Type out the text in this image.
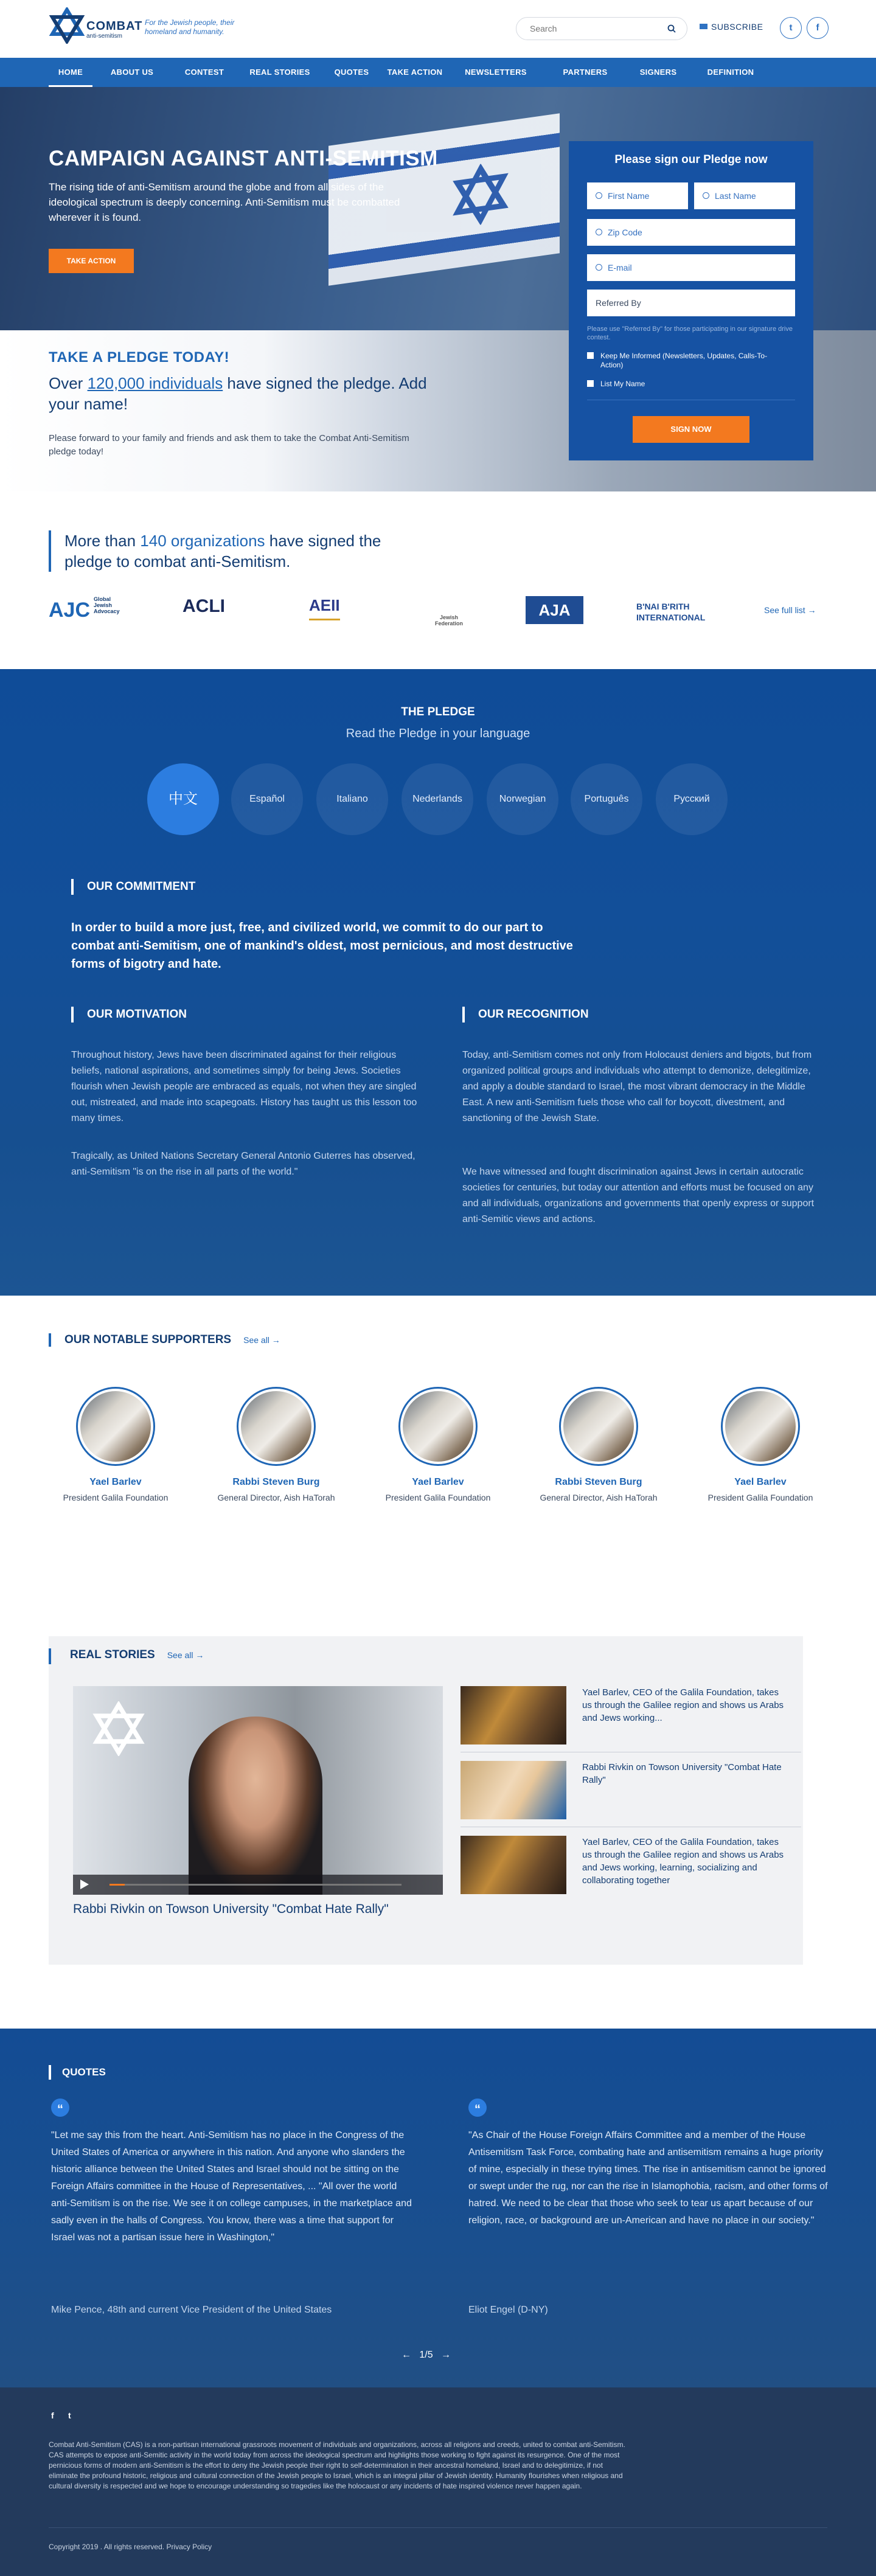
COMBAT
anti-semitism
For the Jewish people, their homeland and humanity.
Search	SUBSCRIBE	t	f
HOME	ABOUT US	CONTEST	REAL STORIES	QUOTES	TAKE ACTION	NEWSLETTERS	PARTNERS	SIGNERS	DEFINITION
CAMPAIGN AGAINST ANTI-SEMITISM

The rising tide of anti-Semitism around the globe and from all sides of the ideological spectrum is deeply concerning. Anti-Semitism must be combatted wherever it is found.

TAKE ACTION
TAKE A PLEDGE TODAY!
Over 120,000 individuals have signed the pledge. Add your name!

Please forward to your family and friends and ask them to take the Combat Anti-Semitism pledge today!

Please sign our Pledge now
First Name	Last Name
Zip Code
E-mail
Referred By
Please use "Referred By" for those participating in our signature drive contest.
Keep Me Informed (Newsletters, Updates, Calls-To-Action)
List My Name
SIGN NOW
More than 140 organizations have signed the pledge to combat anti-Semitism.
AJC Global Jewish Advocacy	ACLI	AEII
Jewish Federation
AJA	B'NAI B'RITH INTERNATIONAL
See full list →
THE PLEDGE
Read the Pledge in your language
中文	Español	Italiano	Nederlands	Norwegian	Português	Русский
OUR COMMITMENT
In order to build a more just, free, and civilized world, we commit to do our part to combat anti-Semitism, one of mankind's oldest, most pernicious, and most destructive forms of bigotry and hate.
OUR MOTIVATION

Throughout history, Jews have been discriminated against for their religious beliefs, national aspirations, and sometimes simply for being Jews. Societies flourish when Jewish people are embraced as equals, not when they are singled out, mistreated, and made into scapegoats. History has taught us this lesson too many times.

Tragically, as United Nations Secretary General Antonio Guterres has observed, anti-Semitism "is on the rise in all parts of the world."

OUR RECOGNITION

Today, anti-Semitism comes not only from Holocaust deniers and bigots, but from organized political groups and individuals who attempt to demonize, delegitimize, and apply a double standard to Israel, the most vibrant democracy in the Middle East. A new anti-Semitism fuels those who call for boycott, divestment, and sanctioning of the Jewish State.

We have witnessed and fought discrimination against Jews in certain autocratic societies for centuries, but today our attention and efforts must be focused on any and all individuals, organizations and governments that openly express or support anti-Semitic views and actions.

OUR NOTABLE SUPPORTERS See all →
Yael Barlev
President Galila Foundation
Rabbi Steven Burg
General Director, Aish HaTorah
Yael Barlev
President Galila Foundation
Rabbi Steven Burg
General Director, Aish HaTorah
Yael Barlev
President Galila Foundation
REAL STORIES See all →
Rabbi Rivkin on Towson University "Combat Hate Rally"
Yael Barlev, CEO of the Galila Foundation, takes us through the Galilee region and shows us Arabs and Jews working...
Rabbi Rivkin on Towson University "Combat Hate Rally"
Yael Barlev, CEO of the Galila Foundation, takes us through the Galilee region and shows us Arabs and Jews working, learning, socializing and collaborating together
QUOTES
“

"Let me say this from the heart. Anti-Semitism has no place in the Congress of the United States of America or anywhere in this nation. And anyone who slanders the historic alliance between the United States and Israel should not be sitting on the Foreign Affairs committee in the House of Representatives, ... "All over the world anti-Semitism is on the rise. We see it on college campuses, in the marketplace and sadly even in the halls of Congress. You know, there was a time that support for Israel was not a partisan issue here in Washington,"

Mike Pence, 48th and current Vice President of the United States
“

"As Chair of the House Foreign Affairs Committee and a member of the House Antisemitism Task Force, combating hate and antisemitism remains a huge priority of mine, especially in these trying times. The rise in antisemitism cannot be ignored or swept under the rug, nor can the rise in Islamophobia, racism, and other forms of hatred. We need to be clear that those who seek to tear us apart because of our religion, race, or background are un-American and have no place in our society."

Eliot Engel (D-NY)
← 1/5 →
f t

Combat Anti-Semitism (CAS) is a non-partisan international grassroots movement of individuals and organizations, across all religions and creeds, united to combat anti-Semitism. CAS attempts to expose anti-Semitic activity in the world today from across the ideological spectrum and highlights those working to fight against its resurgence. One of the most pernicious forms of modern anti-Semitism is the effort to deny the Jewish people their right to self-determination in their ancestral homeland, Israel and to delegitimize, if not eliminate the profound historic, religious and cultural connection of the Jewish people to Israel, which is an integral pillar of Jewish identity. Humanity flourishes when religious and cultural diversity is respected and we hope to encourage understanding so tragedies like the holocaust or any incidents of hate inspired violence never happen again.

Copyright 2019 . All rights reserved. Privacy Policy
